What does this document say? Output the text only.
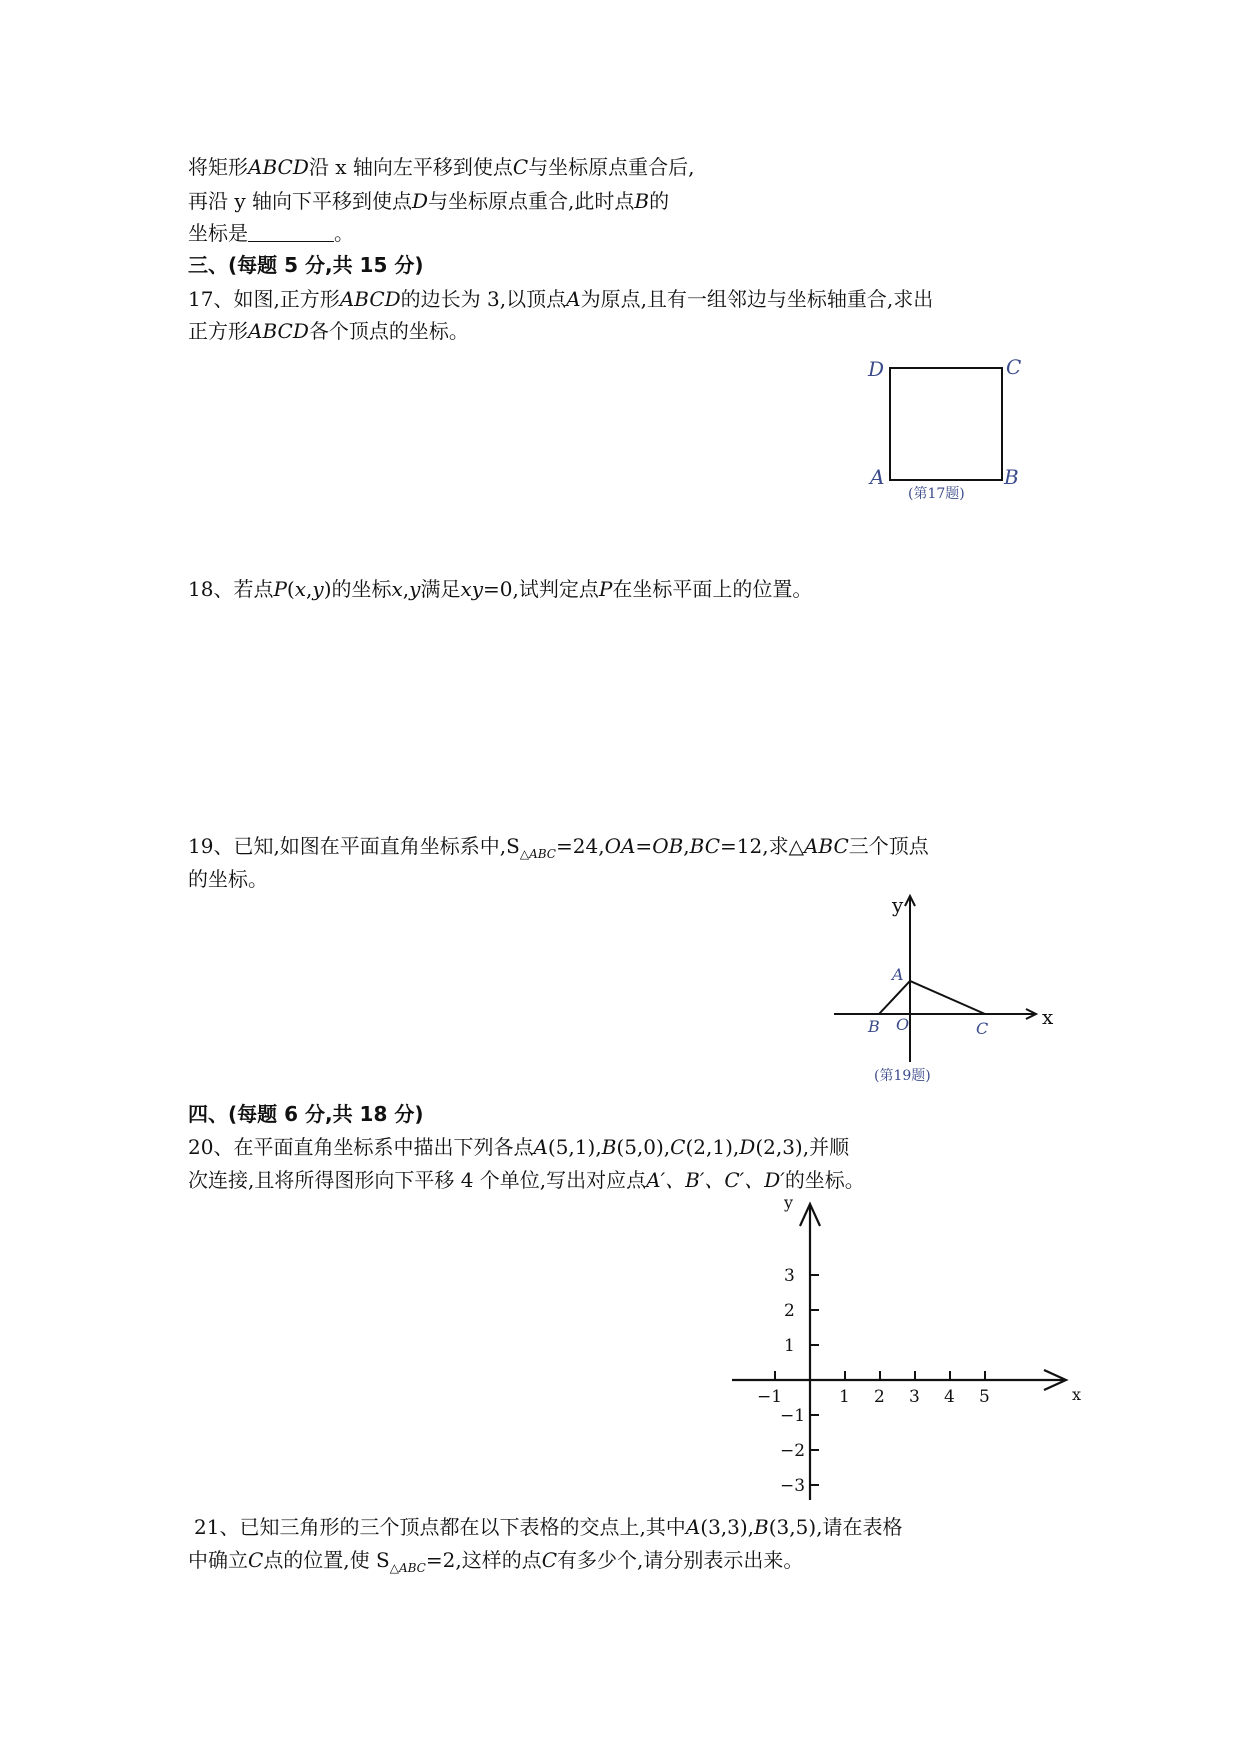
将矩形ABCD沿 x 轴向左平移到使点C与坐标原点重合后,
再沿 y 轴向下平移到使点D与坐标原点重合,此时点B的
坐标是	。
三、(每题 5 分,共 15 分)
17、如图,正方形ABCD的边长为 3,以顶点A为原点,且有一组邻边与坐标轴重合,求出
正方形ABCD各个顶点的坐标。
D	C
A	B
(第17题)
18、若点P(x,y)的坐标x,y满足xy=0,试判定点P在坐标平面上的位置。
19、已知,如图在平面直角坐标系中$,S_{\triangle ABC}=24,OA=OB,BC=12$,求△ABC三个顶点
的坐标。
y
x
A
B O	C
(第19题)
四、(每题 6 分,共 18 分)
20、在平面直角坐标系中描出下列各点A(5,1),B(5,0),C(2,1),D(2,3),并顺
次连接,且将所得图形向下平移 4 个单位,写出对应点A′、B′、C′、D′的坐标。
y
x
−1	1 2 3 4 5
3
2
1
−1
−2
−3
21、已知三角形的三个顶点都在以下表格的交点上,其中A(3,3),B(3,5),请在表格
中确立C点的位置,使 $S_{\triangle ABC}=2$,这样的点C有多少个,请分别表示出来。
